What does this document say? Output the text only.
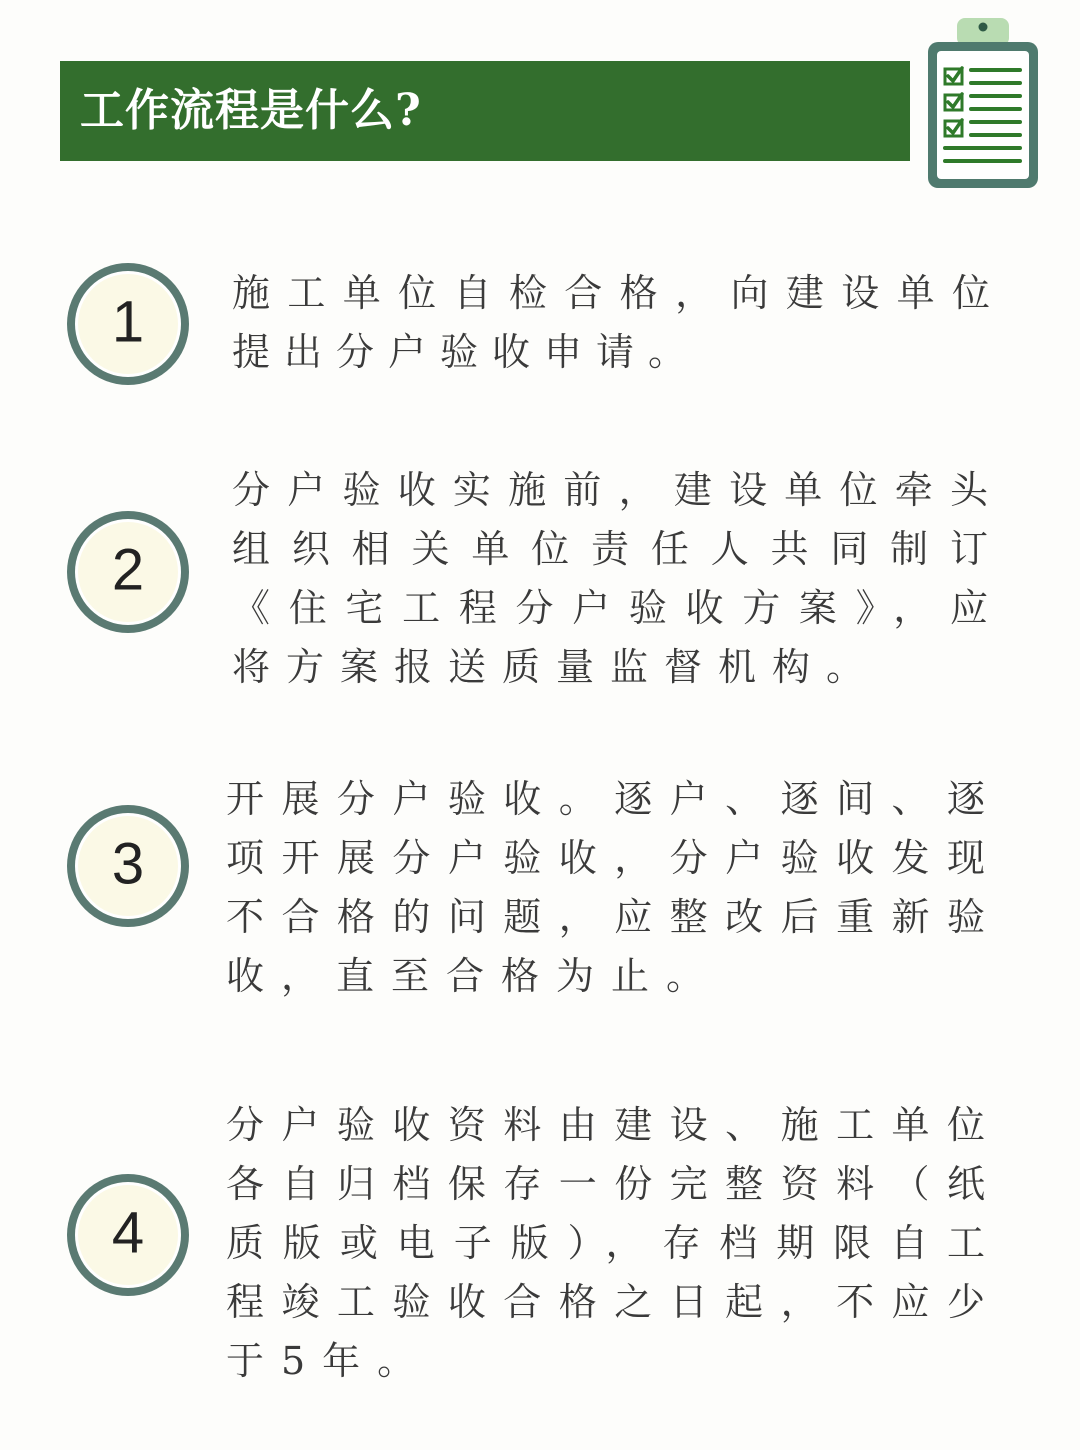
工作流程是什么?
1 施工单位自检合格，向建设单位提出分户验收申请。

2

分户验收实施前，建设单位牵头组织相关单位责任人共同制订《住宅工程分户验收方案》，应将方案报送质量监督机构。

3

开展分户验收。逐户、逐间、逐项开展分户验收，分户验收发现不合格的问题，应整改后重新验收，直至合格为止。

4

分户验收资料由建设、施工单位各自归档保存一份完整资料（纸质版或电子版），存档期限自工程竣工验收合格之日起，不应少于5年。
